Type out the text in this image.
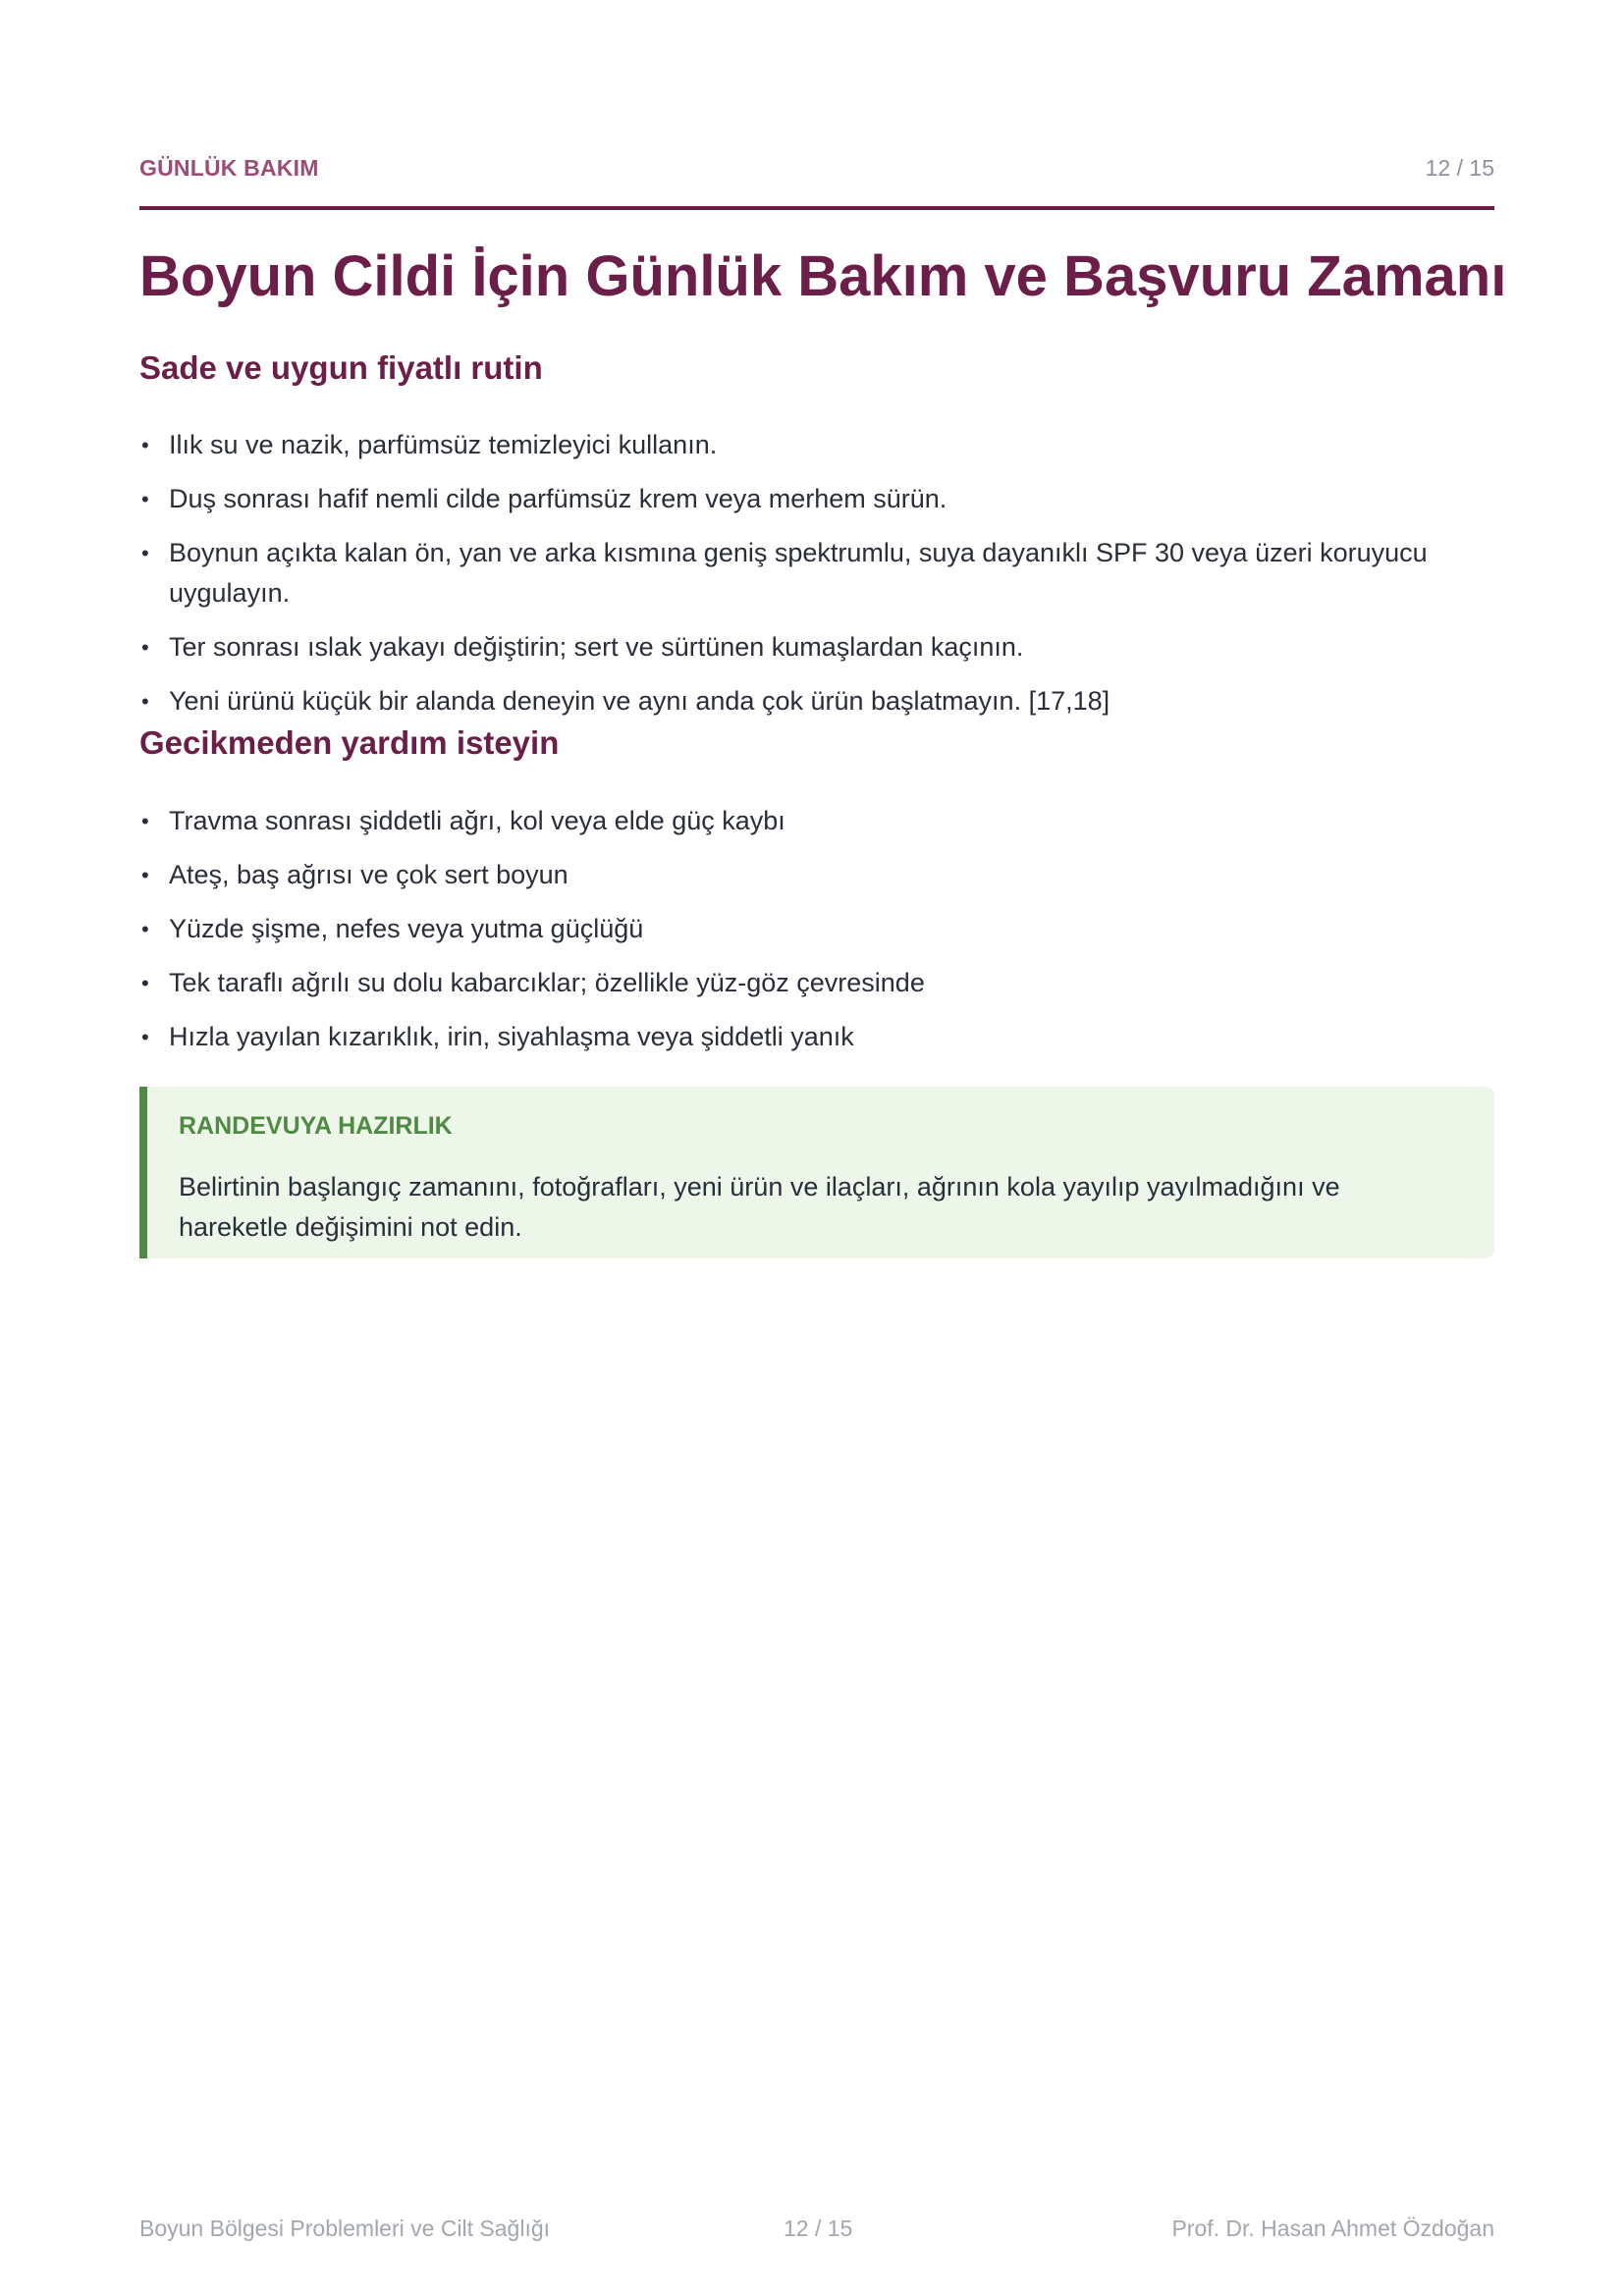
GÜNLÜK BAKIM	12 / 15
Boyun Cildi İçin Günlük Bakım ve Başvuru Zamanı
Sade ve uygun fiyatlı rutin
• Ilık su ve nazik, parfümsüz temizleyici kullanın.
• Duş sonrası hafif nemli cilde parfümsüz krem veya merhem sürün.
• Boynun açıkta kalan ön, yan ve arka kısmına geniş spektrumlu, suya dayanıklı SPF 30 veya üzeri koruyucu uygulayın.
• Ter sonrası ıslak yakayı değiştirin; sert ve sürtünen kumaşlardan kaçının.
• Yeni ürünü küçük bir alanda deneyin ve aynı anda çok ürün başlatmayın. [17,18]
Gecikmeden yardım isteyin
• Travma sonrası şiddetli ağrı, kol veya elde güç kaybı
• Ateş, baş ağrısı ve çok sert boyun
• Yüzde şişme, nefes veya yutma güçlüğü
• Tek taraflı ağrılı su dolu kabarcıklar; özellikle yüz-göz çevresinde
• Hızla yayılan kızarıklık, irin, siyahlaşma veya şiddetli yanık
RANDEVUYA HAZIRLIK
Belirtinin başlangıç zamanını, fotoğrafları, yeni ürün ve ilaçları, ağrının kola yayılıp yayılmadığını ve hareketle değişimini not edin.
Boyun Bölgesi Problemleri ve Cilt Sağlığı	12 / 15	Prof. Dr. Hasan Ahmet Özdoğan
